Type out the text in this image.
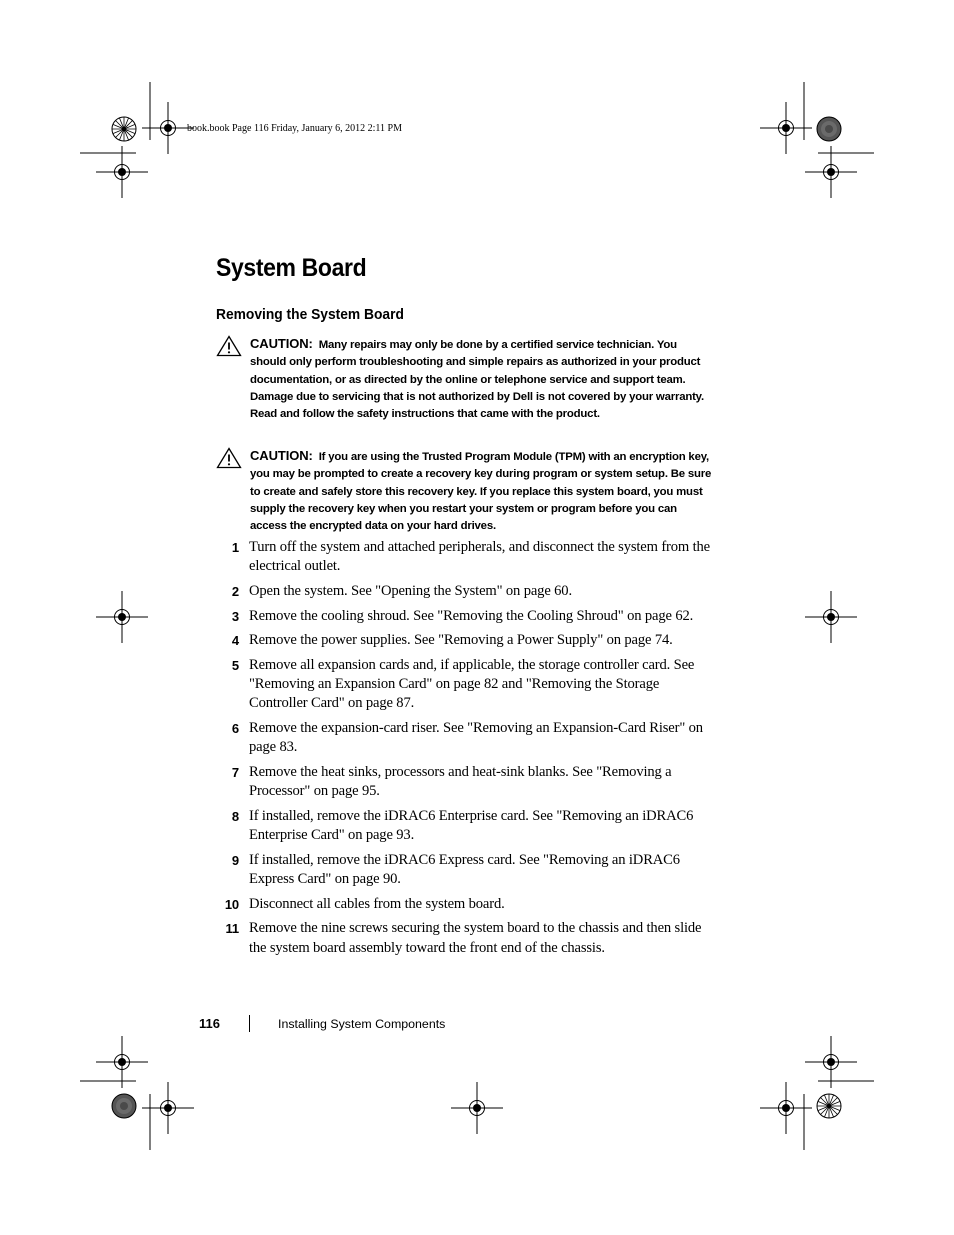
book.book Page 116 Friday, January 6, 2012 2:11 PM
System Board
Removing the System Board
CAUTION: Many repairs may only be done by a certified service technician. You should only perform troubleshooting and simple repairs as authorized in your product documentation, or as directed by the online or telephone service and support team. Damage due to servicing that is not authorized by Dell is not covered by your warranty. Read and follow the safety instructions that came with the product.
CAUTION: If you are using the Trusted Program Module (TPM) with an encryption key, you may be prompted to create a recovery key during program or system setup. Be sure to create and safely store this recovery key. If you replace this system board, you must supply the recovery key when you restart your system or program before you can access the encrypted data on your hard drives.
1 Turn off the system and attached peripherals, and disconnect the system from the electrical outlet.
2 Open the system. See "Opening the System" on page 60.
3 Remove the cooling shroud. See "Removing the Cooling Shroud" on page 62.
4 Remove the power supplies. See "Removing a Power Supply" on page 74.
5 Remove all expansion cards and, if applicable, the storage controller card. See "Removing an Expansion Card" on page 82 and "Removing the Storage Controller Card" on page 87.
6 Remove the expansion-card riser. See "Removing an Expansion-Card Riser" on page 83.
7 Remove the heat sinks, processors and heat-sink blanks. See "Removing a Processor" on page 95.
8 If installed, remove the iDRAC6 Enterprise card. See "Removing an iDRAC6 Enterprise Card" on page 93.
9 If installed, remove the iDRAC6 Express card. See "Removing an iDRAC6 Express Card" on page 90.
10 Disconnect all cables from the system board.
11 Remove the nine screws securing the system board to the chassis and then slide the system board assembly toward the front end of the chassis.
116	Installing System Components
